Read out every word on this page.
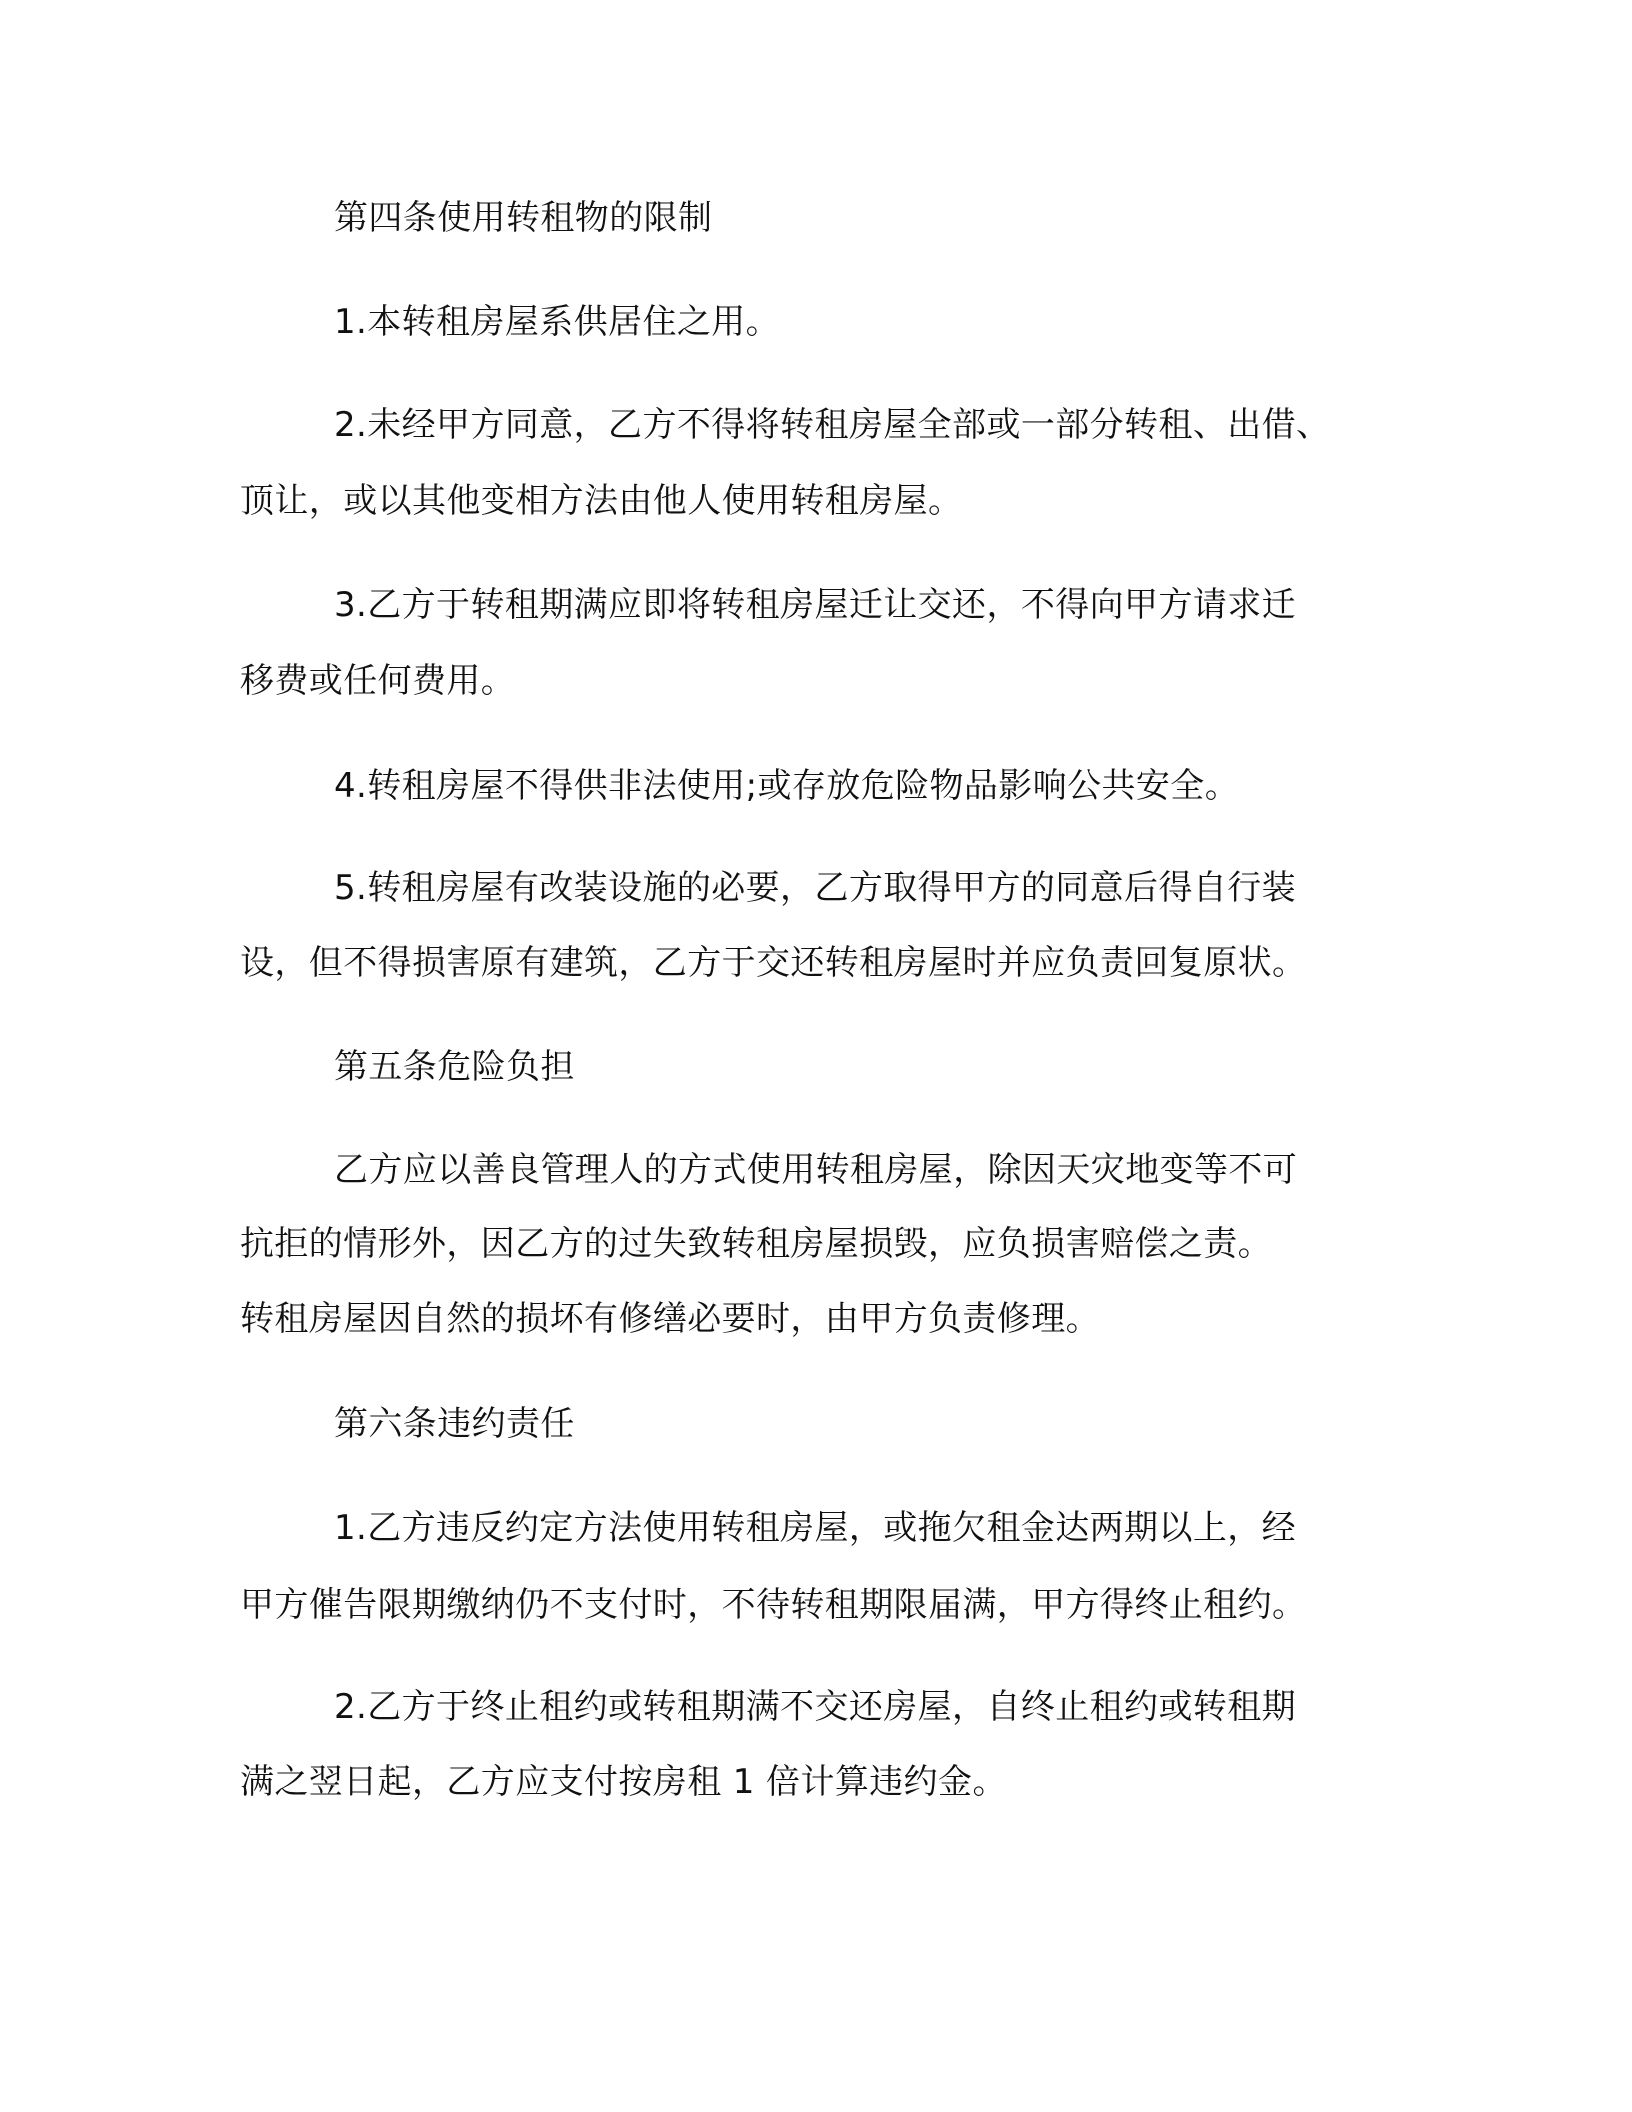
第四条使用转租物的限制
1.本转租房屋系供居住之用。
2.未经甲方同意，乙方不得将转租房屋全部或一部分转租、出借、
顶让，或以其他变相方法由他人使用转租房屋。
3.乙方于转租期满应即将转租房屋迁让交还，不得向甲方请求迁
移费或任何费用。
4.转租房屋不得供非法使用;或存放危险物品影响公共安全。
5.转租房屋有改装设施的必要，乙方取得甲方的同意后得自行装
设，但不得损害原有建筑，乙方于交还转租房屋时并应负责回复原状。
第五条危险负担
乙方应以善良管理人的方式使用转租房屋，除因天灾地变等不可
抗拒的情形外，因乙方的过失致转租房屋损毁，应负损害赔偿之责。
转租房屋因自然的损坏有修缮必要时，由甲方负责修理。
第六条违约责任
1.乙方违反约定方法使用转租房屋，或拖欠租金达两期以上，经
甲方催告限期缴纳仍不支付时，不待转租期限届满，甲方得终止租约。
2.乙方于终止租约或转租期满不交还房屋，自终止租约或转租期
满之翌日起，乙方应支付按房租 1 倍计算违约金。
